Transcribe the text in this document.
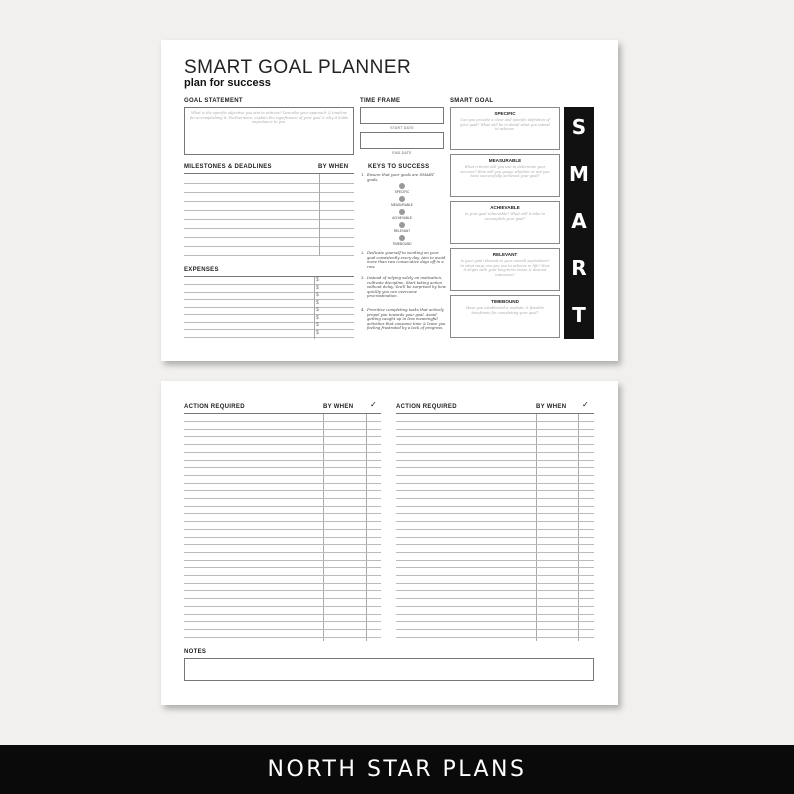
SMART GOAL PLANNER
plan for success
GOAL STATEMENT
What is the specific objective you aim to achieve? Describe your approach & timeline for accomplishing it. Furthermore, explain the significance of your goal & why it holds importance to you.
TIME FRAME
START DATE
END DATE
SMART GOAL
SPECIFIC
Can you provide a clear and specific definition of your goal? What will be in detail what you intend to achieve.
MEASURABLE
What criteria will you use to determine your success? How will you gauge whether or not you have successfully achieved your goal?
ACHIEVABLE
Is your goal achievable? What will it take to accomplish your goal?
RELEVANT
Is your goal relevant to your overall aspirations? In what ways can you use to achieve in life? How it aligns with your long-term vision & desired outcomes?
TIMEBOUND
Have you established a realistic & feasible timeframe for completing your goal?
S
M
A
R
T
MILESTONES & DEADLINES	BY WHEN
EXPENSES
$
$
$
$
$
$
$
$
KEYS TO SUCCESS
1. Ensure that your goals are SMART goals.
2. Dedicate yourself to working on your goal consistently every day. Aim to avoid more than two consecutive days off in a row.
3. Instead of relying solely on motivation, cultivate discipline. Start taking action without delay. You'll be surprised by how quickly you can overcome procrastination.
4. Prioritize completing tasks that actively propel you towards your goal. Avoid getting caught up in less meaningful activities that consume time & leave you feeling frustrated by a lack of progress.
SPECIFIC
MEASURABLE
ACHIEVABLE
RELEVANT
TIMEBOUND
ACTION REQUIRED	BY WHEN ✓	ACTION REQUIRED	BY WHEN ✓
NOTES
NORTH STAR PLANS
